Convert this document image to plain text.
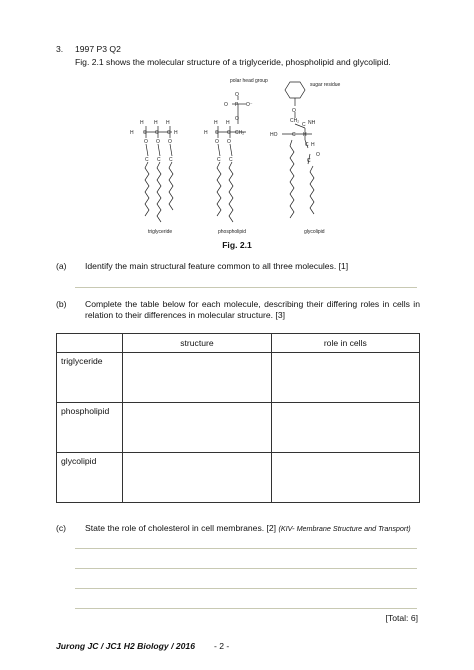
3. 1997 P3 Q2
Fig. 2.1 shows the molecular structure of a triglyceride, phospholipid and glycolipid.
H H H
H C C C H
O O O
C C C
H C C CH₂
H H
O O
C C
O
O P O⁻
O
O
CH₂
HO	C H
C NH
C H
C
O
polar head group
sugar residue
triglyceride	phospholipid	glycolipid
Fig. 2.1
(a) Identify the main structural feature common to all three molecules. [1]
(b) Complete the table below for each molecule, describing their differing roles in cells in relation to their differences in molecular structure. [3]
	structure	role in cells
triglyceride		
phospholipid		
glycolipid		
(c) State the role of cholesterol in cell membranes. [2] (KIV- Membrane Structure and Transport)
[Total: 6]
Jurong JC / JC1 H2 Biology / 2016 - 2 -
